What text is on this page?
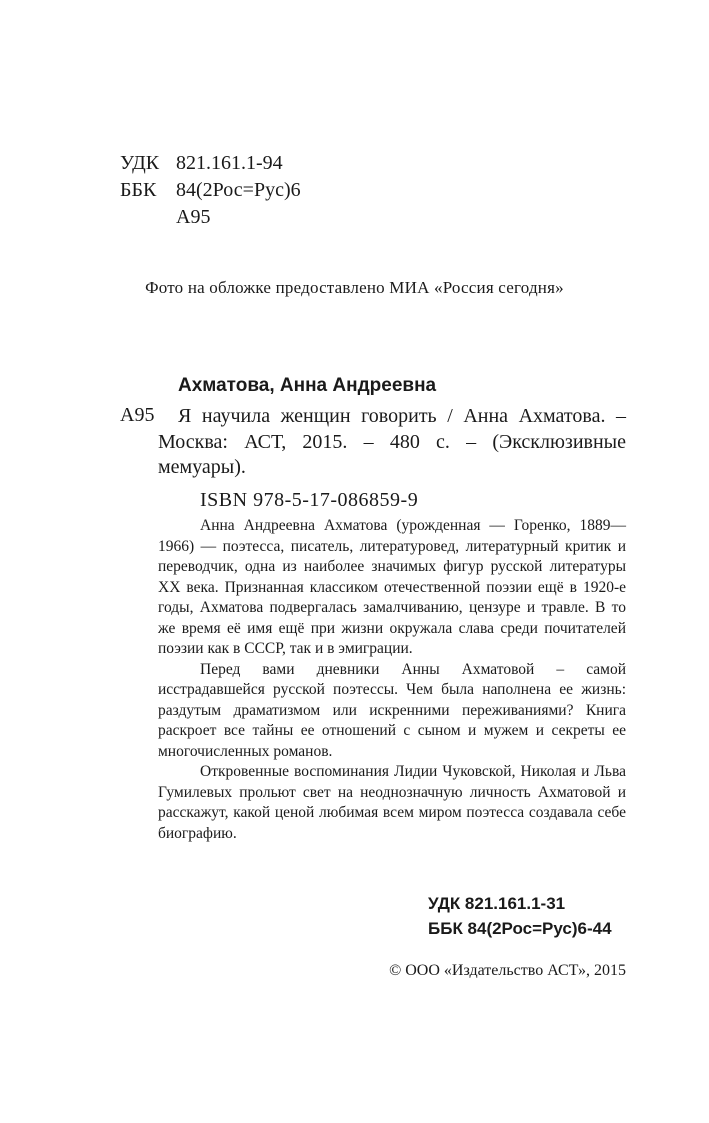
УДК 821.161.1-94
ББК 84(2Рос=Рус)6
А95
Фото на обложке предоставлено МИА «Россия сегодня»
Ахматова, Анна Андреевна
А95	Я научила женщин говорить / Анна Ахматова. – Москва: АСТ, 2015. – 480 с. – (Эксклюзивные мемуары).
ISBN 978-5-17-086859-9

Анна Андреевна Ахматова (урожденная — Горенко, 1889—1966) — поэтесса, писатель, литературовед, литературный критик и переводчик, одна из наиболее значимых фигур русской литературы XX века. Признанная классиком отечественной поэзии ещё в 1920-е годы, Ахматова подвергалась замалчиванию, цензуре и травле. В то же время её имя ещё при жизни окружала слава среди почитателей поэзии как в СССР, так и в эмиграции.

Перед вами дневники Анны Ахматовой – самой исстрадавшейся русской поэтессы. Чем была наполнена ее жизнь: раздутым драматизмом или искренними переживаниями? Книга раскроет все тайны ее отношений с сыном и мужем и секреты ее многочисленных романов.

Откровенные воспоминания Лидии Чуковской, Николая и Льва Гумилевых прольют свет на неоднозначную личность Ахматовой и расскажут, какой ценой любимая всем миром поэтесса создавала себе биографию.

УДК 821.161.1-31
ББК 84(2Рос=Рус)6-44
© ООО «Издательство АСТ», 2015
